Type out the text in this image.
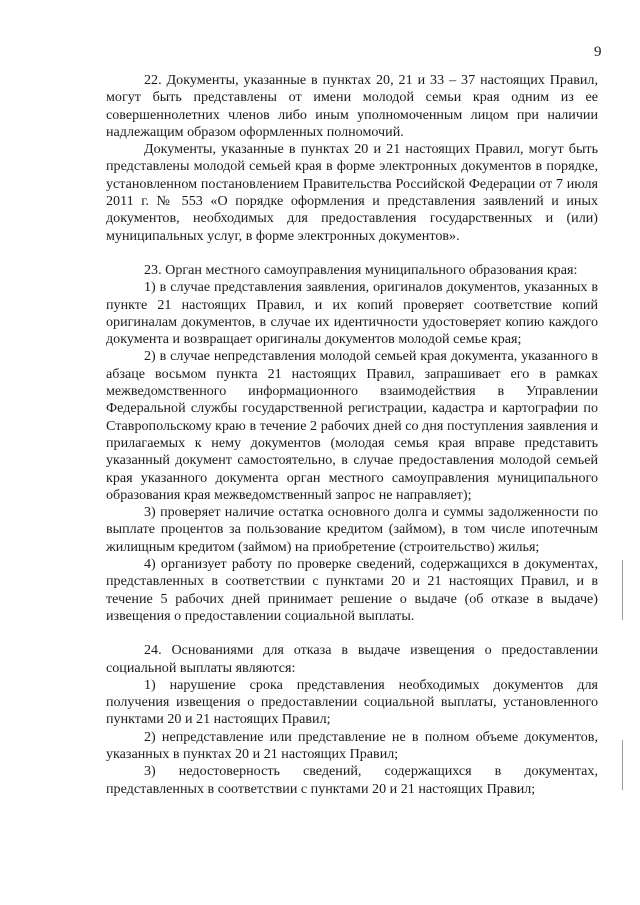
9

22. Документы, указанные в пунктах 20, 21 и 33 – 37 настоящих Правил, могут быть представлены от имени молодой семьи края одним из ее совершеннолетних членов либо иным уполномоченным лицом при наличии надлежащим образом оформленных полномочий.

Документы, указанные в пунктах 20 и 21 настоящих Правил, могут быть представлены молодой семьей края в форме электронных документов в порядке, установленном постановлением Правительства Российской Федерации от 7 июля 2011 г. № 553 «О порядке оформления и представления заявлений и иных документов, необходимых для предоставления государственных и (или) муниципальных услуг, в форме электронных документов».

23. Орган местного самоуправления муниципального образования края:

1) в случае представления заявления, оригиналов документов, указанных в пункте 21 настоящих Правил, и их копий проверяет соответствие копий оригиналам документов, в случае их идентичности удостоверяет копию каждого документа и возвращает оригиналы документов молодой семье края;

2) в случае непредставления молодой семьей края документа, указанного в абзаце восьмом пункта 21 настоящих Правил, запрашивает его в рамках межведомственного информационного взаимодействия в Управлении Федеральной службы государственной регистрации, кадастра и картографии по Ставропольскому краю в течение 2 рабочих дней со дня поступления заявления и прилагаемых к нему документов (молодая семья края вправе представить указанный документ самостоятельно, в случае предоставления молодой семьей края указанного документа орган местного самоуправления муниципального образования края межведомственный запрос не направляет);

3) проверяет наличие остатка основного долга и суммы задолженности по выплате процентов за пользование кредитом (займом), в том числе ипотечным жилищным кредитом (займом) на приобретение (строительство) жилья;

4) организует работу по проверке сведений, содержащихся в документах, представленных в соответствии с пунктами 20 и 21 настоящих Правил, и в течение 5 рабочих дней принимает решение о выдаче (об отказе в выдаче) извещения о предоставлении социальной выплаты.

24. Основаниями для отказа в выдаче извещения о предоставлении социальной выплаты являются:

1) нарушение срока представления необходимых документов для получения извещения о предоставлении социальной выплаты, установленного пунктами 20 и 21 настоящих Правил;

2) непредставление или представление не в полном объеме документов, указанных в пунктах 20 и 21 настоящих Правил;

3) недостоверность сведений, содержащихся в документах, представленных в соответствии с пунктами 20 и 21 настоящих Правил;
